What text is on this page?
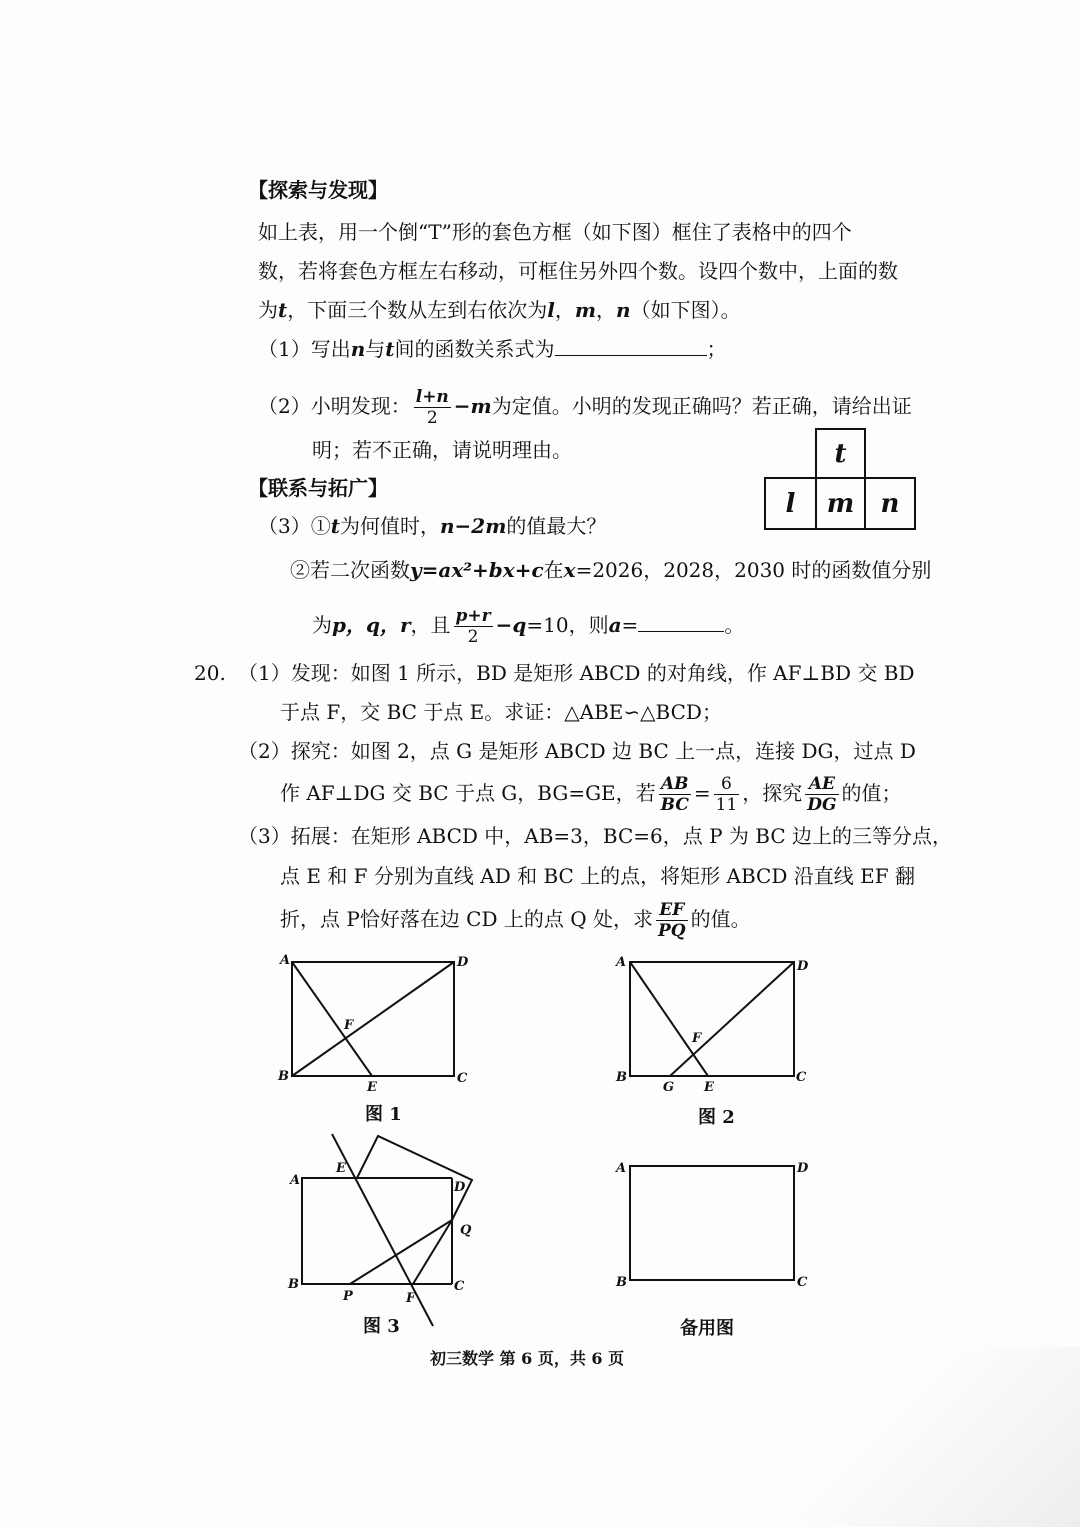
【探索与发现】
如上表，用一个倒“T”形的套色方框（如下图）框住了表格中的四个
数，若将套色方框左右移动，可框住另外四个数。设四个数中，上面的数
为t，下面三个数从左到右依次为l，m，n（如下图）。
（1）写出n与t间的函数关系式为	；
（2）小明发现： $\frac{l+n}{2} -m$为定值。小明的发现正确吗？若正确，请给出证
明；若不正确，请说明理由。	t
l	m	n
【联系与拓广】
（3）①t为何值时，n−2m的值最大？
②若二次函数y=ax²+bx+c在x=2026，2028，2030 时的函数值分别
为p，q，r，且 $\frac{p+r}{2} -q=10$，则a=	。
20. （1）发现：如图 1 所示，BD 是矩形 ABCD 的对角线，作 AF⊥BD 交 BD
于点 F，交 BC 于点 E。求证：△ABE∽△BCD；
（2）探究：如图 2，点 G 是矩形 ABCD 边 BC 上一点，连接 DG，过点 D
作 AF⊥DG 交 BC 于点 G，BG=GE，若 $\frac{AB}{BC} = \frac{6}{11}$ ，探究 $\frac{AE}{DG}$ 的值；
（3）拓展：在矩形 ABCD 中，AB=3，BC=6，点 P 为 BC 边上的三等分点，
点 E 和 F 分别为直线 AD 和 BC 上的点，将矩形 ABCD 沿直线 EF 翻
折，点 P恰好落在边 CD 上的点 Q 处，求 $\frac{EF}{PQ}$ 的值。
A	D
B	C
E
F
图 1
A	D
B	C
G E
F
图 2
E
A	D
Q
B	C
P	F
图 3
A	D
B	C
备用图
初三数学 第 6 页，共 6 页
